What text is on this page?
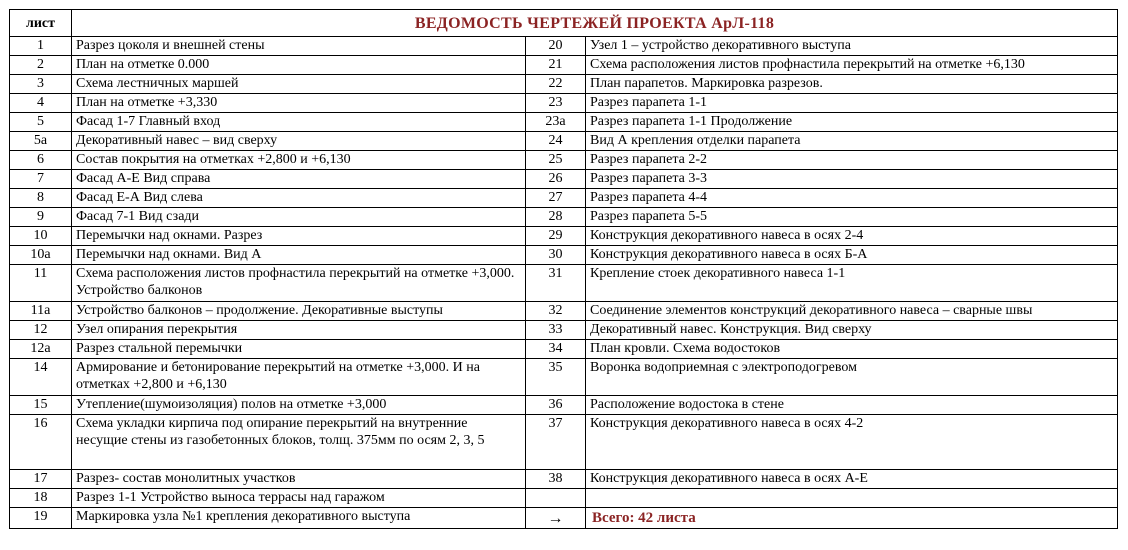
лист	ВЕДОМОСТЬ ЧЕРТЕЖЕЙ ПРОЕКТА АрЛ-118		
1	Разрез цоколя и внешней стены	20	Узел 1 – устройство декоративного выступа
2	План на отметке 0.000	21	Схема расположения листов профнастила перекрытий на отметке +6,130
3	Схема лестничных маршей	22	План парапетов. Маркировка разрезов.
4	План на отметке +3,330	23	Разрез парапета 1-1
5	Фасад 1-7 Главный вход	23а	Разрез парапета 1-1 Продолжение
5а	Декоративный навес – вид сверху	24	Вид А крепления отделки парапета
6	Состав покрытия на отметках +2,800 и +6,130	25	Разрез парапета 2-2
7	Фасад А-Е Вид справа	26	Разрез парапета 3-3
8	Фасад Е-А Вид слева	27	Разрез парапета 4-4
9	Фасад 7-1 Вид сзади	28	Разрез парапета 5-5
10	Перемычки над окнами. Разрез	29	Конструкция декоративного навеса в осях 2-4
10а	Перемычки над окнами. Вид А	30	Конструкция декоративного навеса в осях Б-А
11	Схема расположения листов профнастила перекрытий на отметке +3,000. Устройство балконов	31	Крепление стоек декоративного навеса 1-1
11а	Устройство балконов – продолжение. Декоративные выступы	32	Соединение элементов конструкций декоративного навеса – сварные швы
12	Узел опирания перекрытия	33	Декоративный навес. Конструкция. Вид сверху
12а	Разрез стальной перемычки	34	План кровли. Схема водостоков
14	Армирование и бетонирование перекрытий на отметке +3,000. И на отметках +2,800 и +6,130	35	Воронка водоприемная с электроподогревом
15	Утепление(шумоизоляция) полов на отметке +3,000	36	Расположение водостока в стене
16	Схема укладки кирпича под опирание перекрытий на внутренние несущие стены из газобетонных блоков, толщ. 375мм по осям 2, 3, 5	37	Конструкция декоративного навеса в осях 4-2
17	Разрез- состав монолитных участков	38	Конструкция декоративного навеса в осях А-Е
18	Разрез 1-1 Устройство выноса террасы над гаражом		
19	Маркировка узла №1 крепления декоративного выступа	→	Всего: 42 листа
